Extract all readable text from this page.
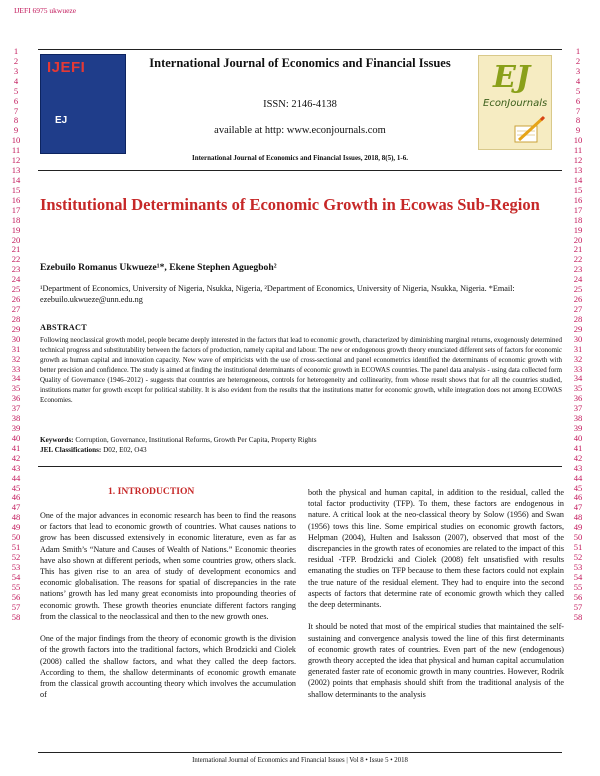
IJEFI 6975 ukwueze
1
2
3
4
5
6
7
8
9
10
11
12
13
14
15
16
17
18
19
20
21
22
23
24
25
26
27
28
29
30
31
32
33
34
35
36
37
38
39
40
41
42
43
44
45
46
47
48
49
50
51
52
53
54
55
56
57
58
1
2
3
4
5
6
7
8
9
10
11
12
13
14
15
16
17
18
19
20
21
22
23
24
25
26
27
28
29
30
31
32
33
34
35
36
37
38
39
40
41
42
43
44
45
46
47
48
49
50
51
52
53
54
55
56
57
58
IJEFI
EJ
International Journal of Economics and Financial Issues
ISSN: 2146-4138
available at http: www.econjournals.com
International Journal of Economics and Financial Issues, 2018, 8(5), 1-6.
EJ
EconJournals
Institutional Determinants of Economic Growth in Ecowas Sub-Region
Ezebuilo Romanus Ukwueze¹*, Ekene Stephen Aguegboh²
¹Department of Economics, University of Nigeria, Nsukka, Nigeria, ²Department of Economics, University of Nigeria, Nsukka, Nigeria. *Email: ezebuilo.ukwueze@unn.edu.ng
ABSTRACT
Following neoclassical growth model, people became deeply interested in the factors that lead to economic growth, characterized by diminishing marginal returns, exogenously determined technical progress and substitutability between the factors of production, namely capital and labour. The new or endogenous growth theory enunciated different sets of factors for economic growth as human capital and innovation capacity. New wave of empiricists with the use of cross-sectional and panel econometrics identified the determinants of economic growth with better precision and confidence. The study is aimed at finding the institutional determinants of economic growth in ECOWAS countries. The panel data analysis - using data collected form Quality of Governance (1946–2012) - suggests that countries are heterogeneous, controls for heterogeneity and collinearity, from whose result shows that for all the countries studied, institutions matter for growth except for political stability. It is also evident from the results that the institutions matter for economic growth, while integration does not among ECOWAS Economies.
Keywords: Corruption, Governance, Institutional Reforms, Growth Per Capita, Property Rights
JEL Classifications: D02, E02, O43
1. INTRODUCTION

One of the major advances in economic research has been to find the reasons or factors that lead to economic growth of countries. What causes nations to grow has been discussed extensively in economic literature, even as far as Adam Smith’s “Nature and Causes of Wealth of Nations.” Economic theories have also shown at different periods, when some countries grow, others slack. This has given rise to an area of study of development economics and economic globalisation. The reasons for spatial of discrepancies in the rate nations’ growth has led many great economists into propounding theories of economic growth. These growth theories enunciate different factors ranging from the classical to the neoclassical and then to the new growth ones.

One of the major findings from the theory of economic growth is the division of the growth factors into the traditional factors, which Brodzicki and Ciolek (2008) called the shallow factors, and what they called the deep factors. According to them, the shallow determinants of economic growth emanate from the classical growth accounting theory which involves the accumulation of

both the physical and human capital, in addition to the residual, called the total factor productivity (TFP). To them, these factors are endogenous in nature. A critical look at the neo-classical theory by Solow (1956) and Swan (1956) tows this line. Some empirical studies on economic growth factors, Helpman (2004), Hulten and Isaksson (2007), observed that most of the discrepancies in the growth rates of economies are related to the impact of this residual -TFP. Brodzicki and Ciolek (2008) felt unsatisfied with results emanating the studies on TFP because to them these factors could not explain the true nature of the residual element. They had to enquire into the second aspects of factors that determine rate of economic growth which they called the deep determinants.

It should be noted that most of the empirical studies that maintained the self-sustaining and convergence analysis towed the line of this first determinants of economic growth rates of countries. Even part of the new (endogenous) growth theory accepted the idea that physical and human capital accumulation generated faster rate of economic growth in many countries. However, Rodrik (2002) points that emphasis should shift from the traditional analysis of the shallow determinants to the analysis

International Journal of Economics and Financial Issues | Vol 8 • Issue 5 • 2018
